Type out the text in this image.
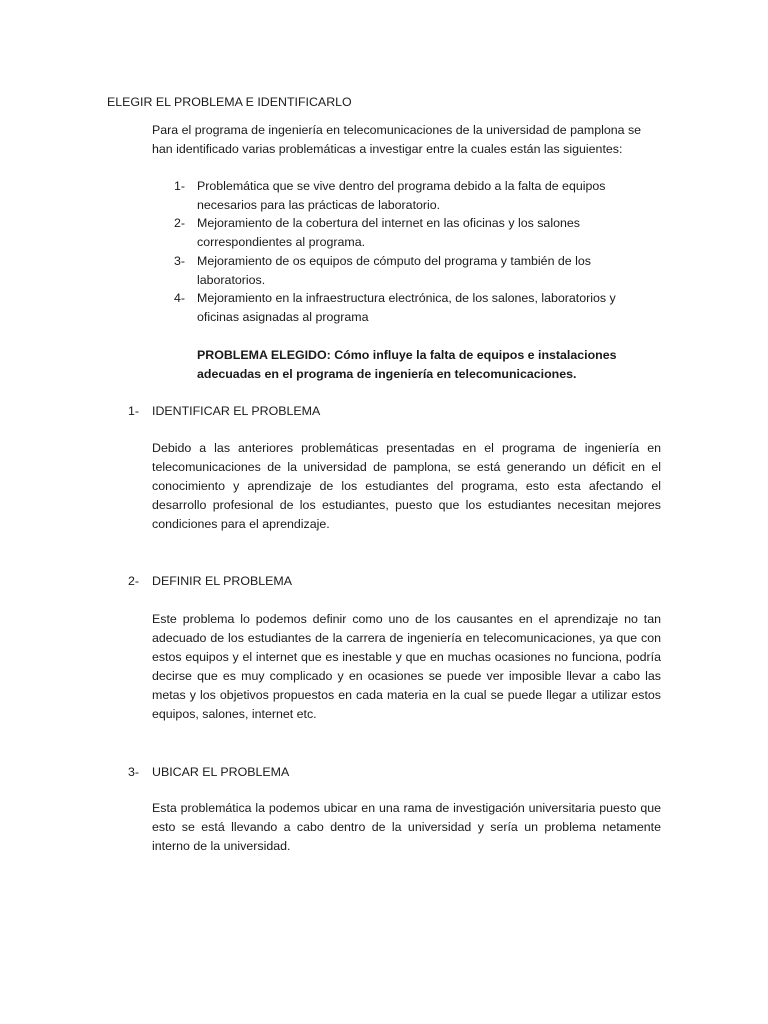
ELEGIR EL PROBLEMA E IDENTIFICARLO
Para el programa de ingeniería en telecomunicaciones de la universidad de pamplona se han identificado varias problemáticas a investigar entre la cuales están las siguientes:
1- Problemática que se vive dentro del programa debido a la falta de equipos necesarios para las prácticas de laboratorio.
2- Mejoramiento de la cobertura del internet en las oficinas y los salones correspondientes al programa.
3- Mejoramiento de os equipos de cómputo del programa y también de los laboratorios.
4- Mejoramiento en la infraestructura electrónica, de los salones, laboratorios y oficinas asignadas al programa
PROBLEMA ELEGIDO: Cómo influye la falta de equipos e instalaciones adecuadas en el programa de ingeniería en telecomunicaciones.
1- IDENTIFICAR EL PROBLEMA
Debido a las anteriores problemáticas presentadas en el programa de ingeniería en telecomunicaciones de la universidad de pamplona, se está generando un déficit en el conocimiento y aprendizaje de los estudiantes del programa, esto esta afectando el desarrollo profesional de los estudiantes, puesto que los estudiantes necesitan mejores condiciones para el aprendizaje.
2- DEFINIR EL PROBLEMA
Este problema lo podemos definir como uno de los causantes en el aprendizaje no tan adecuado de los estudiantes de la carrera de ingeniería en telecomunicaciones, ya que con estos equipos y el internet que es inestable y que en muchas ocasiones no funciona, podría decirse que es muy complicado y en ocasiones se puede ver imposible llevar a cabo las metas y los objetivos propuestos en cada materia en la cual se puede llegar a utilizar estos equipos, salones, internet etc.
3- UBICAR EL PROBLEMA
Esta problemática la podemos ubicar en una rama de investigación universitaria puesto que esto se está llevando a cabo dentro de la universidad y sería un problema netamente interno de la universidad.
